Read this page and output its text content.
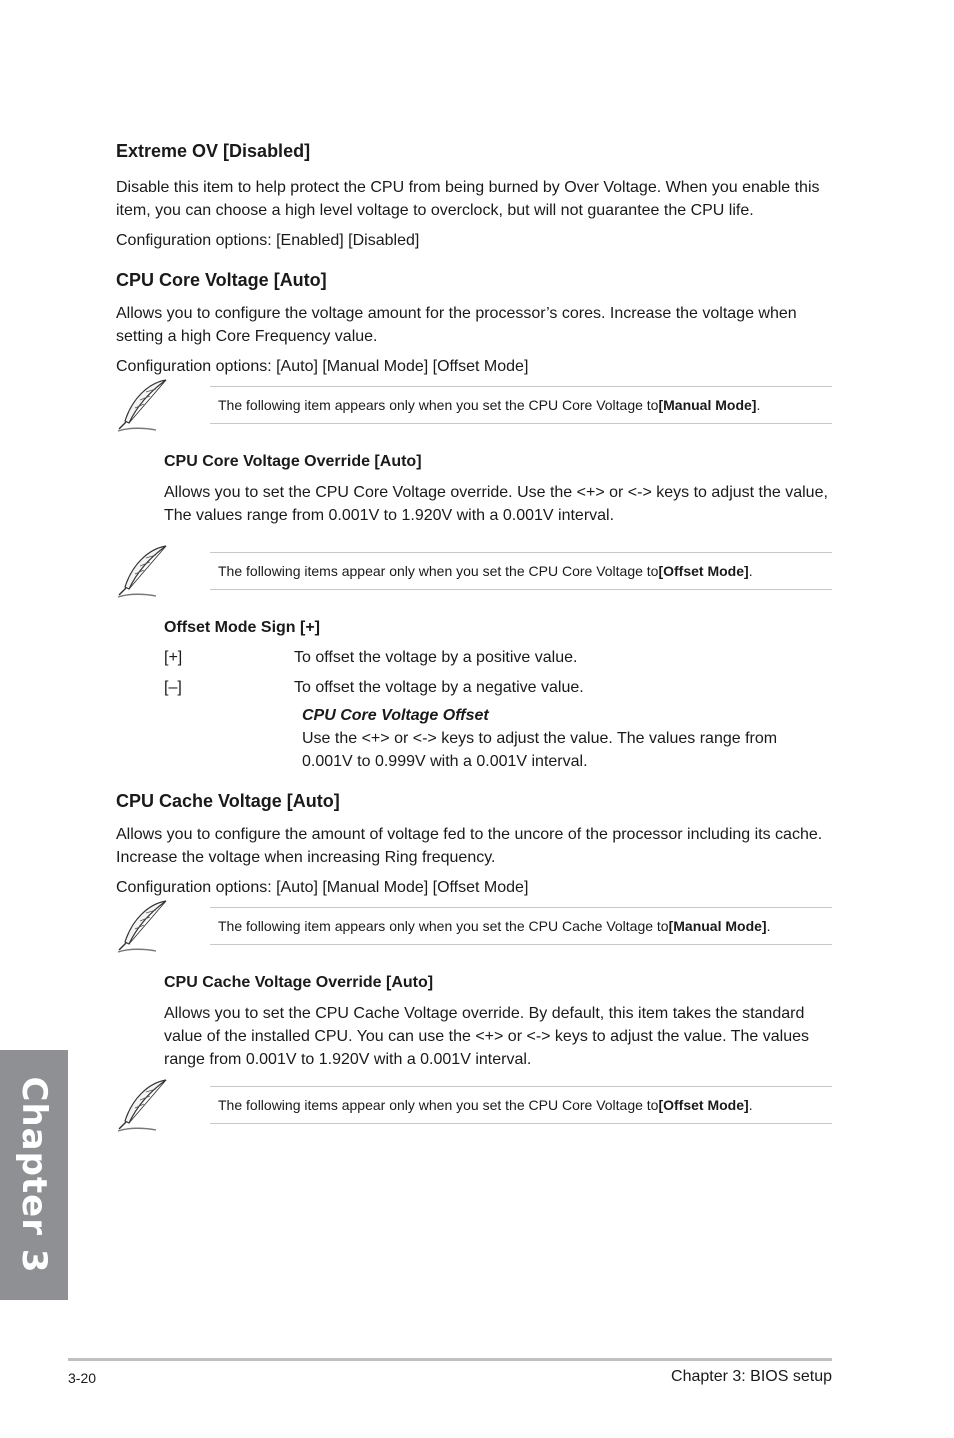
Extreme OV [Disabled]

Disable this item to help protect the CPU from being burned by Over Voltage. When you enable this item, you can choose a high level voltage to overclock, but will not guarantee the CPU life.

Configuration options: [Enabled] [Disabled]

CPU Core Voltage [Auto]

Allows you to configure the voltage amount for the processor’s cores. Increase the voltage when setting a high Core Frequency value.

Configuration options: [Auto] [Manual Mode] [Offset Mode]

The following item appears only when you set the CPU Core Voltage to [Manual Mode] .
CPU Core Voltage Override [Auto]

Allows you to set the CPU Core Voltage override. Use the <+> or <-> keys to adjust the value, The values range from 0.001V to 1.920V with a 0.001V interval.

The following items appear only when you set the CPU Core Voltage to [Offset Mode] .
Offset Mode Sign [+]
[+]	To offset the voltage by a positive value.
[–]	To offset the voltage by a negative value.

CPU Core Voltage Offset

Use the <+> or <-> keys to adjust the value. The values range from 0.001V to 0.999V with a 0.001V interval.

CPU Cache Voltage [Auto]

Allows you to configure the amount of voltage fed to the uncore of the processor including its cache. Increase the voltage when increasing Ring frequency.

Configuration options: [Auto] [Manual Mode] [Offset Mode]

The following item appears only when you set the CPU Cache Voltage to [Manual Mode] .
CPU Cache Voltage Override [Auto]

Allows you to set the CPU Cache Voltage override. By default, this item takes the standard value of the installed CPU. You can use the <+> or <-> keys to adjust the value. The values range from 0.001V to 1.920V with a 0.001V interval.

The following items appear only when you set the CPU Core Voltage to [Offset Mode] .
Chapter 3
3-20	Chapter 3: BIOS setup
